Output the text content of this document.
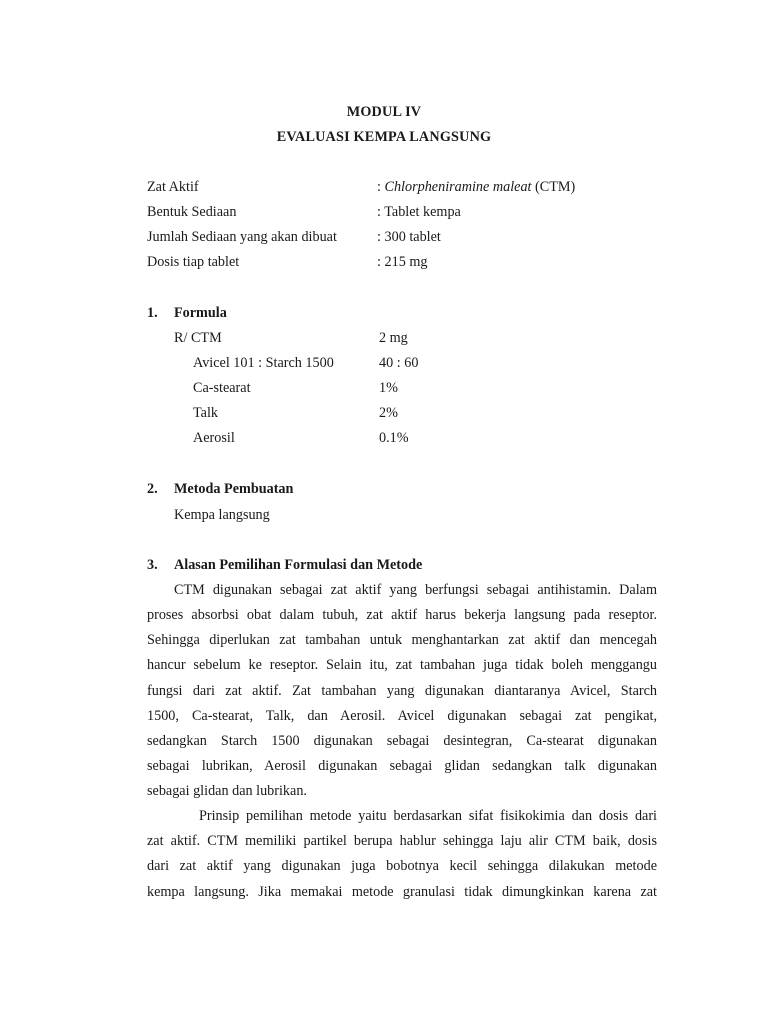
MODUL IV
EVALUASI KEMPA LANGSUNG
Zat Aktif	: Chlorpheniramine maleat (CTM)
Bentuk Sediaan	: Tablet kempa
Jumlah Sediaan yang akan dibuat	: 300 tablet
Dosis tiap tablet	: 215 mg
1. Formula
R/ CTM	2 mg
Avicel 101 : Starch 1500	40 : 60
Ca-stearat	1%
Talk	2%
Aerosil	0.1%
2. Metoda Pembuatan
Kempa langsung
3. Alasan Pemilihan Formulasi dan Metode
CTM digunakan sebagai zat aktif yang berfungsi sebagai antihistamin. Dalam
proses absorbsi obat dalam tubuh, zat aktif harus bekerja langsung pada reseptor.
Sehingga diperlukan zat tambahan untuk menghantarkan zat aktif dan mencegah
hancur sebelum ke reseptor. Selain itu, zat tambahan juga tidak boleh menggangu
fungsi dari zat aktif. Zat tambahan yang digunakan diantaranya Avicel, Starch
1500, Ca-stearat, Talk, dan Aerosil. Avicel digunakan sebagai zat pengikat,
sedangkan Starch 1500 digunakan sebagai desintegran, Ca-stearat digunakan
sebagai lubrikan, Aerosil digunakan sebagai glidan sedangkan talk digunakan
sebagai glidan dan lubrikan.
Prinsip pemilihan metode yaitu berdasarkan sifat fisikokimia dan dosis dari
zat aktif. CTM memiliki partikel berupa hablur sehingga laju alir CTM baik, dosis
dari zat aktif yang digunakan juga bobotnya kecil sehingga dilakukan metode
kempa langsung. Jika memakai metode granulasi tidak dimungkinkan karena zat
